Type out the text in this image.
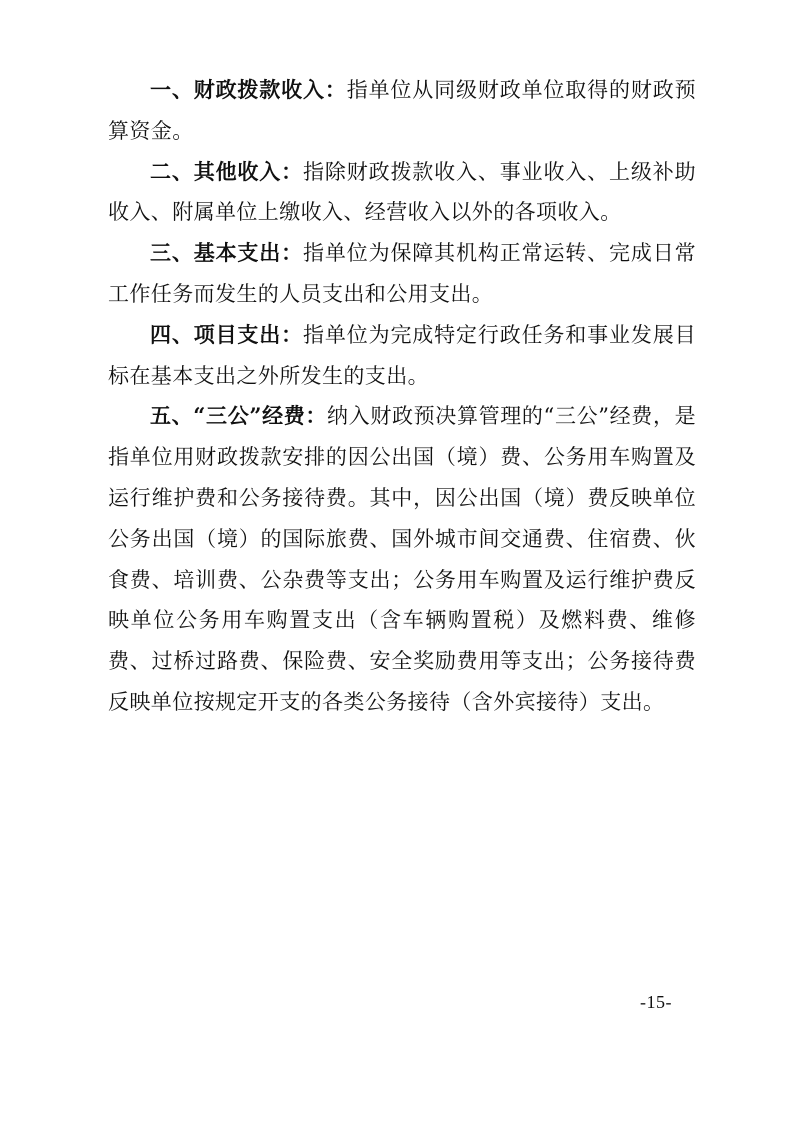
一、财政拨款收入：指单位从同级财政单位取得的财政预算资金。

二、其他收入：指除财政拨款收入、事业收入、上级补助收入、附属单位上缴收入、经营收入以外的各项收入。

三、基本支出：指单位为保障其机构正常运转、完成日常工作任务而发生的人员支出和公用支出。

四、项目支出：指单位为完成特定行政任务和事业发展目标在基本支出之外所发生的支出。

五、“三公”经费：纳入财政预决算管理的“三公”经费，是指单位用财政拨款安排的因公出国（境）费、公务用车购置及运行维护费和公务接待费。其中，因公出国（境）费反映单位公务出国（境）的国际旅费、国外城市间交通费、住宿费、伙食费、培训费、公杂费等支出；公务用车购置及运行维护费反映单位公务用车购置支出（含车辆购置税）及燃料费、维修费、过桥过路费、保险费、安全奖励费用等支出；公务接待费反映单位按规定开支的各类公务接待（含外宾接待）支出。

-15-
